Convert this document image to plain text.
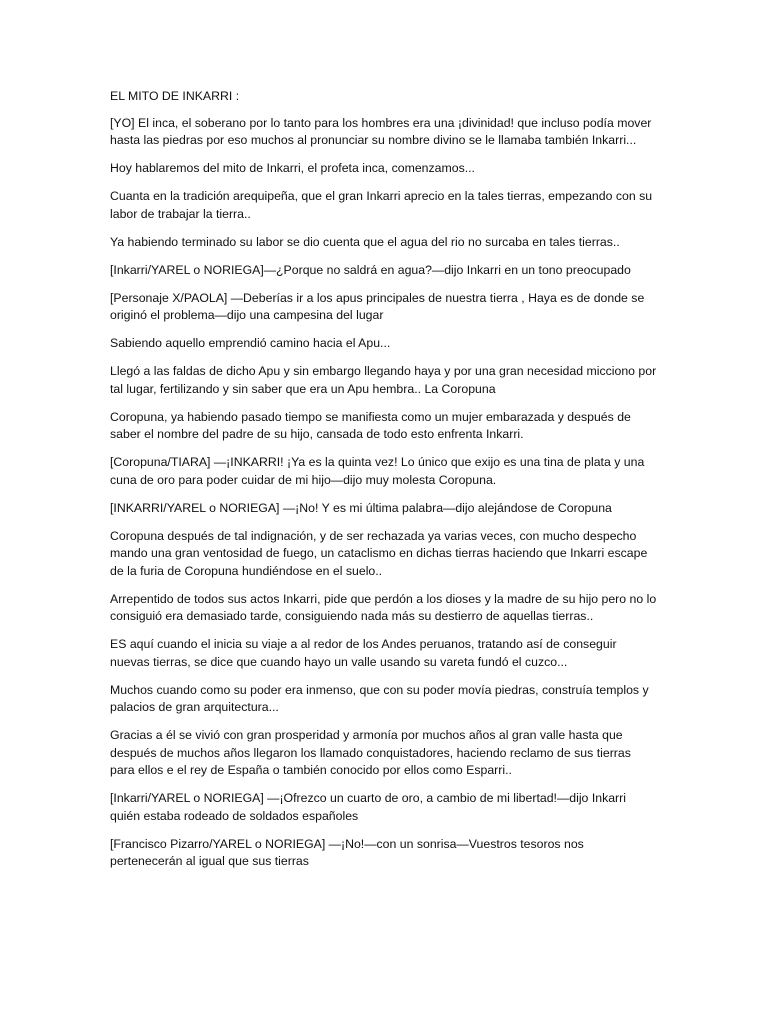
EL MITO DE INKARRI :

[YO] El inca, el soberano por lo tanto para los hombres era una ¡divinidad! que incluso podía mover hasta las piedras por eso muchos al pronunciar su nombre divino se le llamaba también Inkarri...

Hoy hablaremos del mito de Inkarri, el profeta inca, comenzamos...

Cuanta en la tradición arequipeña, que el gran Inkarri aprecio en la tales tierras, empezando con su labor de trabajar la tierra..

Ya habiendo terminado su labor se dio cuenta que el agua del rio no surcaba en tales tierras..

[Inkarri/YAREL o NORIEGA]—¿Porque no saldrá en agua?—dijo Inkarri en un tono preocupado

[Personaje X/PAOLA] —Deberías ir a los apus principales de nuestra tierra , Haya es de donde se originó el problema—dijo una campesina del lugar

Sabiendo aquello emprendió camino hacia el Apu...

Llegó a las faldas de dicho Apu y sin embargo llegando haya y por una gran necesidad micciono por tal lugar, fertilizando y sin saber que era un Apu hembra.. La Coropuna

Coropuna, ya habiendo pasado tiempo se manifiesta como un mujer embarazada y después de saber el nombre del padre de su hijo, cansada de todo esto enfrenta Inkarri.

[Coropuna/TIARA] —¡INKARRI! ¡Ya es la quinta vez! Lo único que exijo es una tina de plata y una cuna de oro para poder cuidar de mi hijo—dijo muy molesta Coropuna.

[INKARRI/YAREL o NORIEGA] —¡No! Y es mi última palabra—dijo alejándose de Coropuna

Coropuna después de tal indignación, y de ser rechazada ya varias veces, con mucho despecho mando una gran ventosidad de fuego, un cataclismo en dichas tierras haciendo que Inkarri escape de la furia de Coropuna hundiéndose en el suelo..

Arrepentido de todos sus actos Inkarri, pide que perdón a los dioses y la madre de su hijo pero no lo consiguió era demasiado tarde, consiguiendo nada más su destierro de aquellas tierras..

ES aquí cuando el inicia su viaje a al redor de los Andes peruanos, tratando así de conseguir nuevas tierras, se dice que cuando hayo un valle usando su vareta fundó el cuzco...

Muchos cuando como su poder era inmenso, que con su poder movía piedras, construía templos y palacios de gran arquitectura...

Gracias a él se vivió con gran prosperidad y armonía por muchos años al gran valle hasta que después de muchos años llegaron los llamado conquistadores, haciendo reclamo de sus tierras para ellos e el rey de España o también conocido por ellos como Esparri..

[Inkarri/YAREL o NORIEGA] —¡Ofrezco un cuarto de oro, a cambio de mi libertad!—dijo Inkarri quién estaba rodeado de soldados españoles

[Francisco Pizarro/YAREL o NORIEGA] —¡No!—con un sonrisa—Vuestros tesoros nos pertenecerán al igual que sus tierras
